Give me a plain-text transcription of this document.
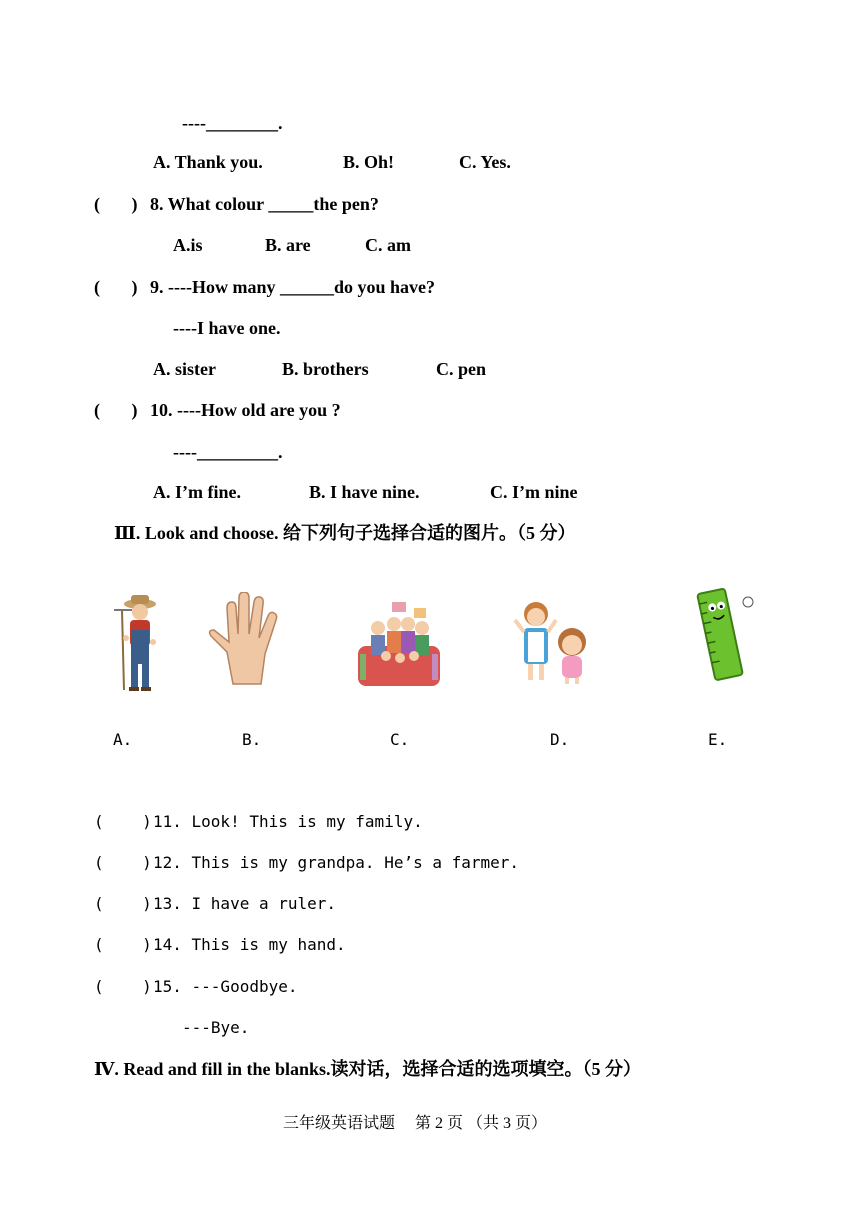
----________.
A. Thank you.	B. Oh!	C. Yes.
(       ) 8. What colour _____the pen?
A.is	B. are	C. am
(       ) 9. ----How many ______do you have?
----I have one.
A. sister	B. brothers	C. pen
(       ) 10. ----How old are you ?
----_________.
A. I’m fine.	B. I have nine.	C. I’m nine
Ⅲ. Look and choose. 给下列句子选择合适的图片。（5 分）
A.	B.	C.	D.	E.
(    ) 11. Look! This is my family.
(    ) 12. This is my grandpa. He’s a farmer.
(    ) 13. I have a ruler.
(    ) 14. This is my hand.
(    ) 15. ---Goodbye.
---Bye.
Ⅳ. Read and fill in the blanks.读对话，选择合适的选项填空。（5 分）
三年级英语试题     第 2 页 （共 3 页）
